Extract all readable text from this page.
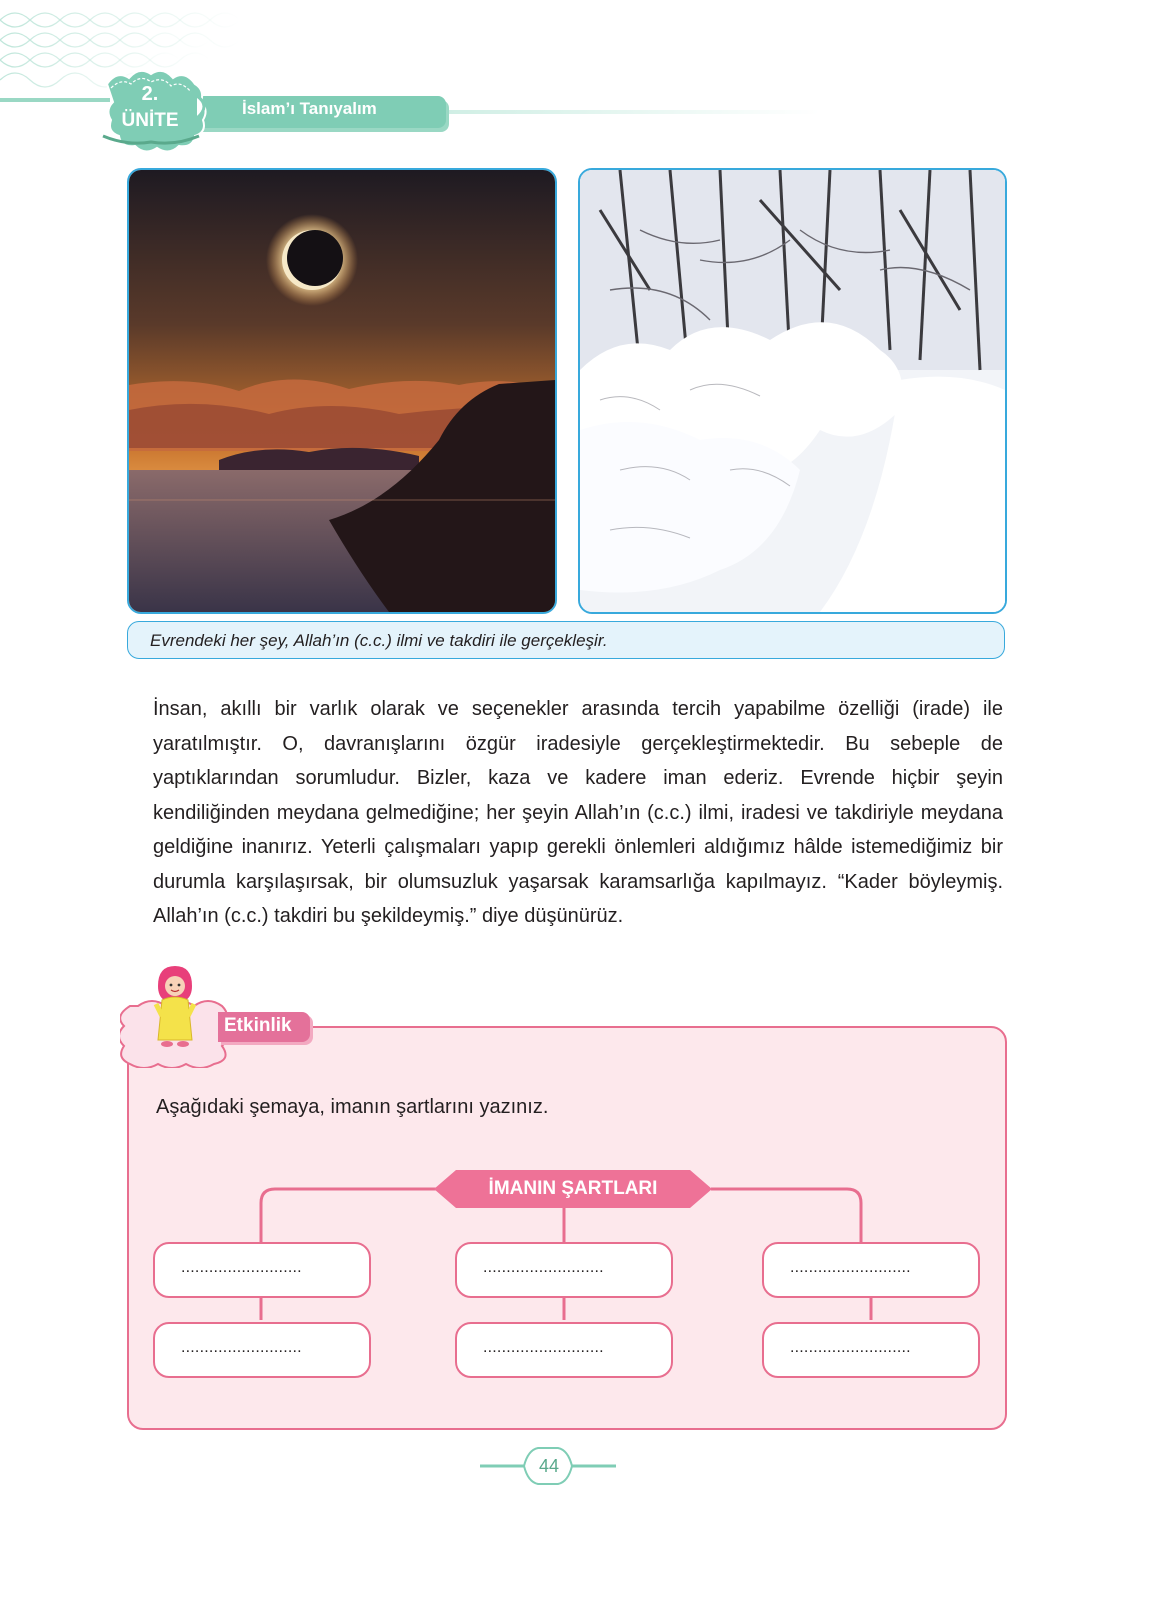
İslam’ı Tanıyalım
2.
ÜNİTE
Evrendeki her şey, Allah’ın (c.c.) ilmi ve takdiri ile gerçekleşir.

İnsan, akıllı bir varlık olarak ve seçenekler arasında tercih yapabilme özelliği (irade) ile yaratılmıştır. O, davranışlarını özgür iradesiyle gerçekleştirmektedir. Bu sebeple de yaptıklarından sorumludur. Bizler, kaza ve kadere iman ederiz. Evrende hiçbir şeyin kendiliğinden meydana gelmediğine; her şeyin Allah’ın (c.c.) ilmi, iradesi ve takdiriyle meydana geldiğine inanırız. Yeterli çalışmaları yapıp gerekli önlemleri aldığımız hâlde istemediğimiz bir durumla karşılaşırsak, bir olumsuzluk yaşarsak karamsarlığa kapılmayız. “Kader böyleymiş. Allah’ın (c.c.) takdiri bu şekildeymiş.” diye düşünürüz.

Etkinlik
Aşağıdaki şemaya, imanın şartlarını yazınız.
İMANIN ŞARTLARI
..........................	..........................	..........................
..........................	..........................	..........................
44
